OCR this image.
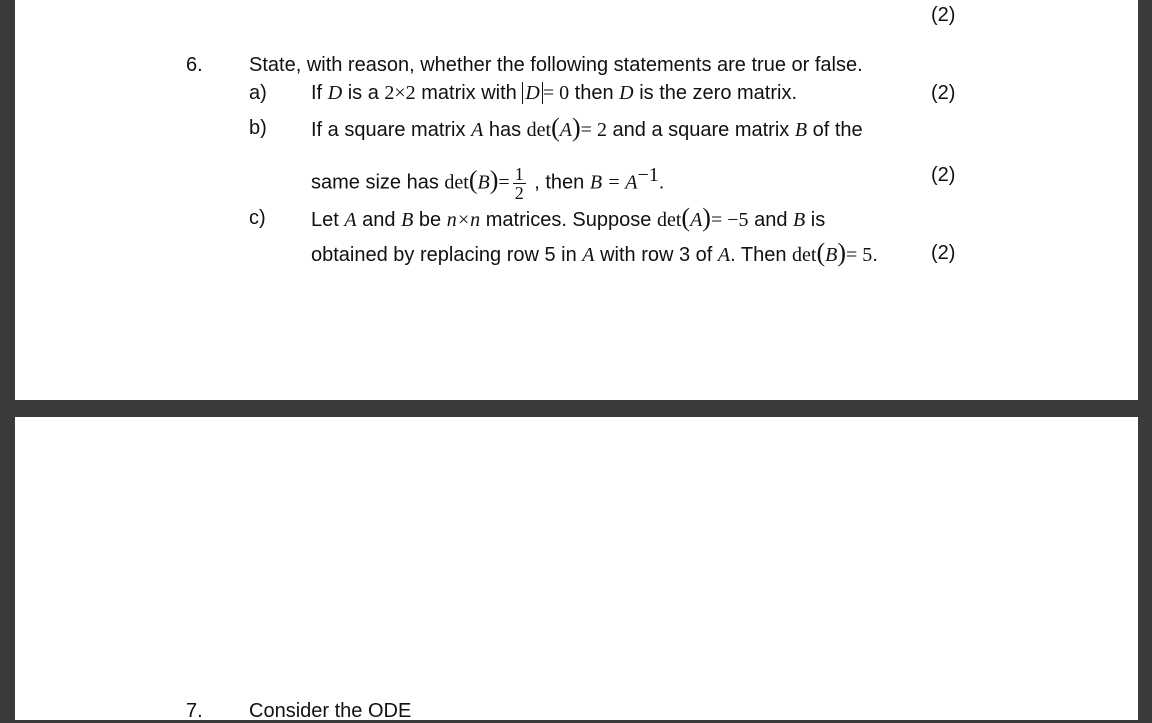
(2)
6. State, with reason, whether the following statements are true or false.
a) If D is a 2×2 matrix with D = 0 then D is the zero matrix.	(2)
b) If a square matrix A has det(A)= 2 and a square matrix B of the
same size has $\det(B)= \frac{1}{2}$ , then $B = A^{-1}$.	(2)
c) Let A and B be n×n matrices. Suppose det(A)= −5 and B is
obtained by replacing row 5 in A with row 3 of A. Then det(B)= 5.	(2)
7. Consider the ODE
